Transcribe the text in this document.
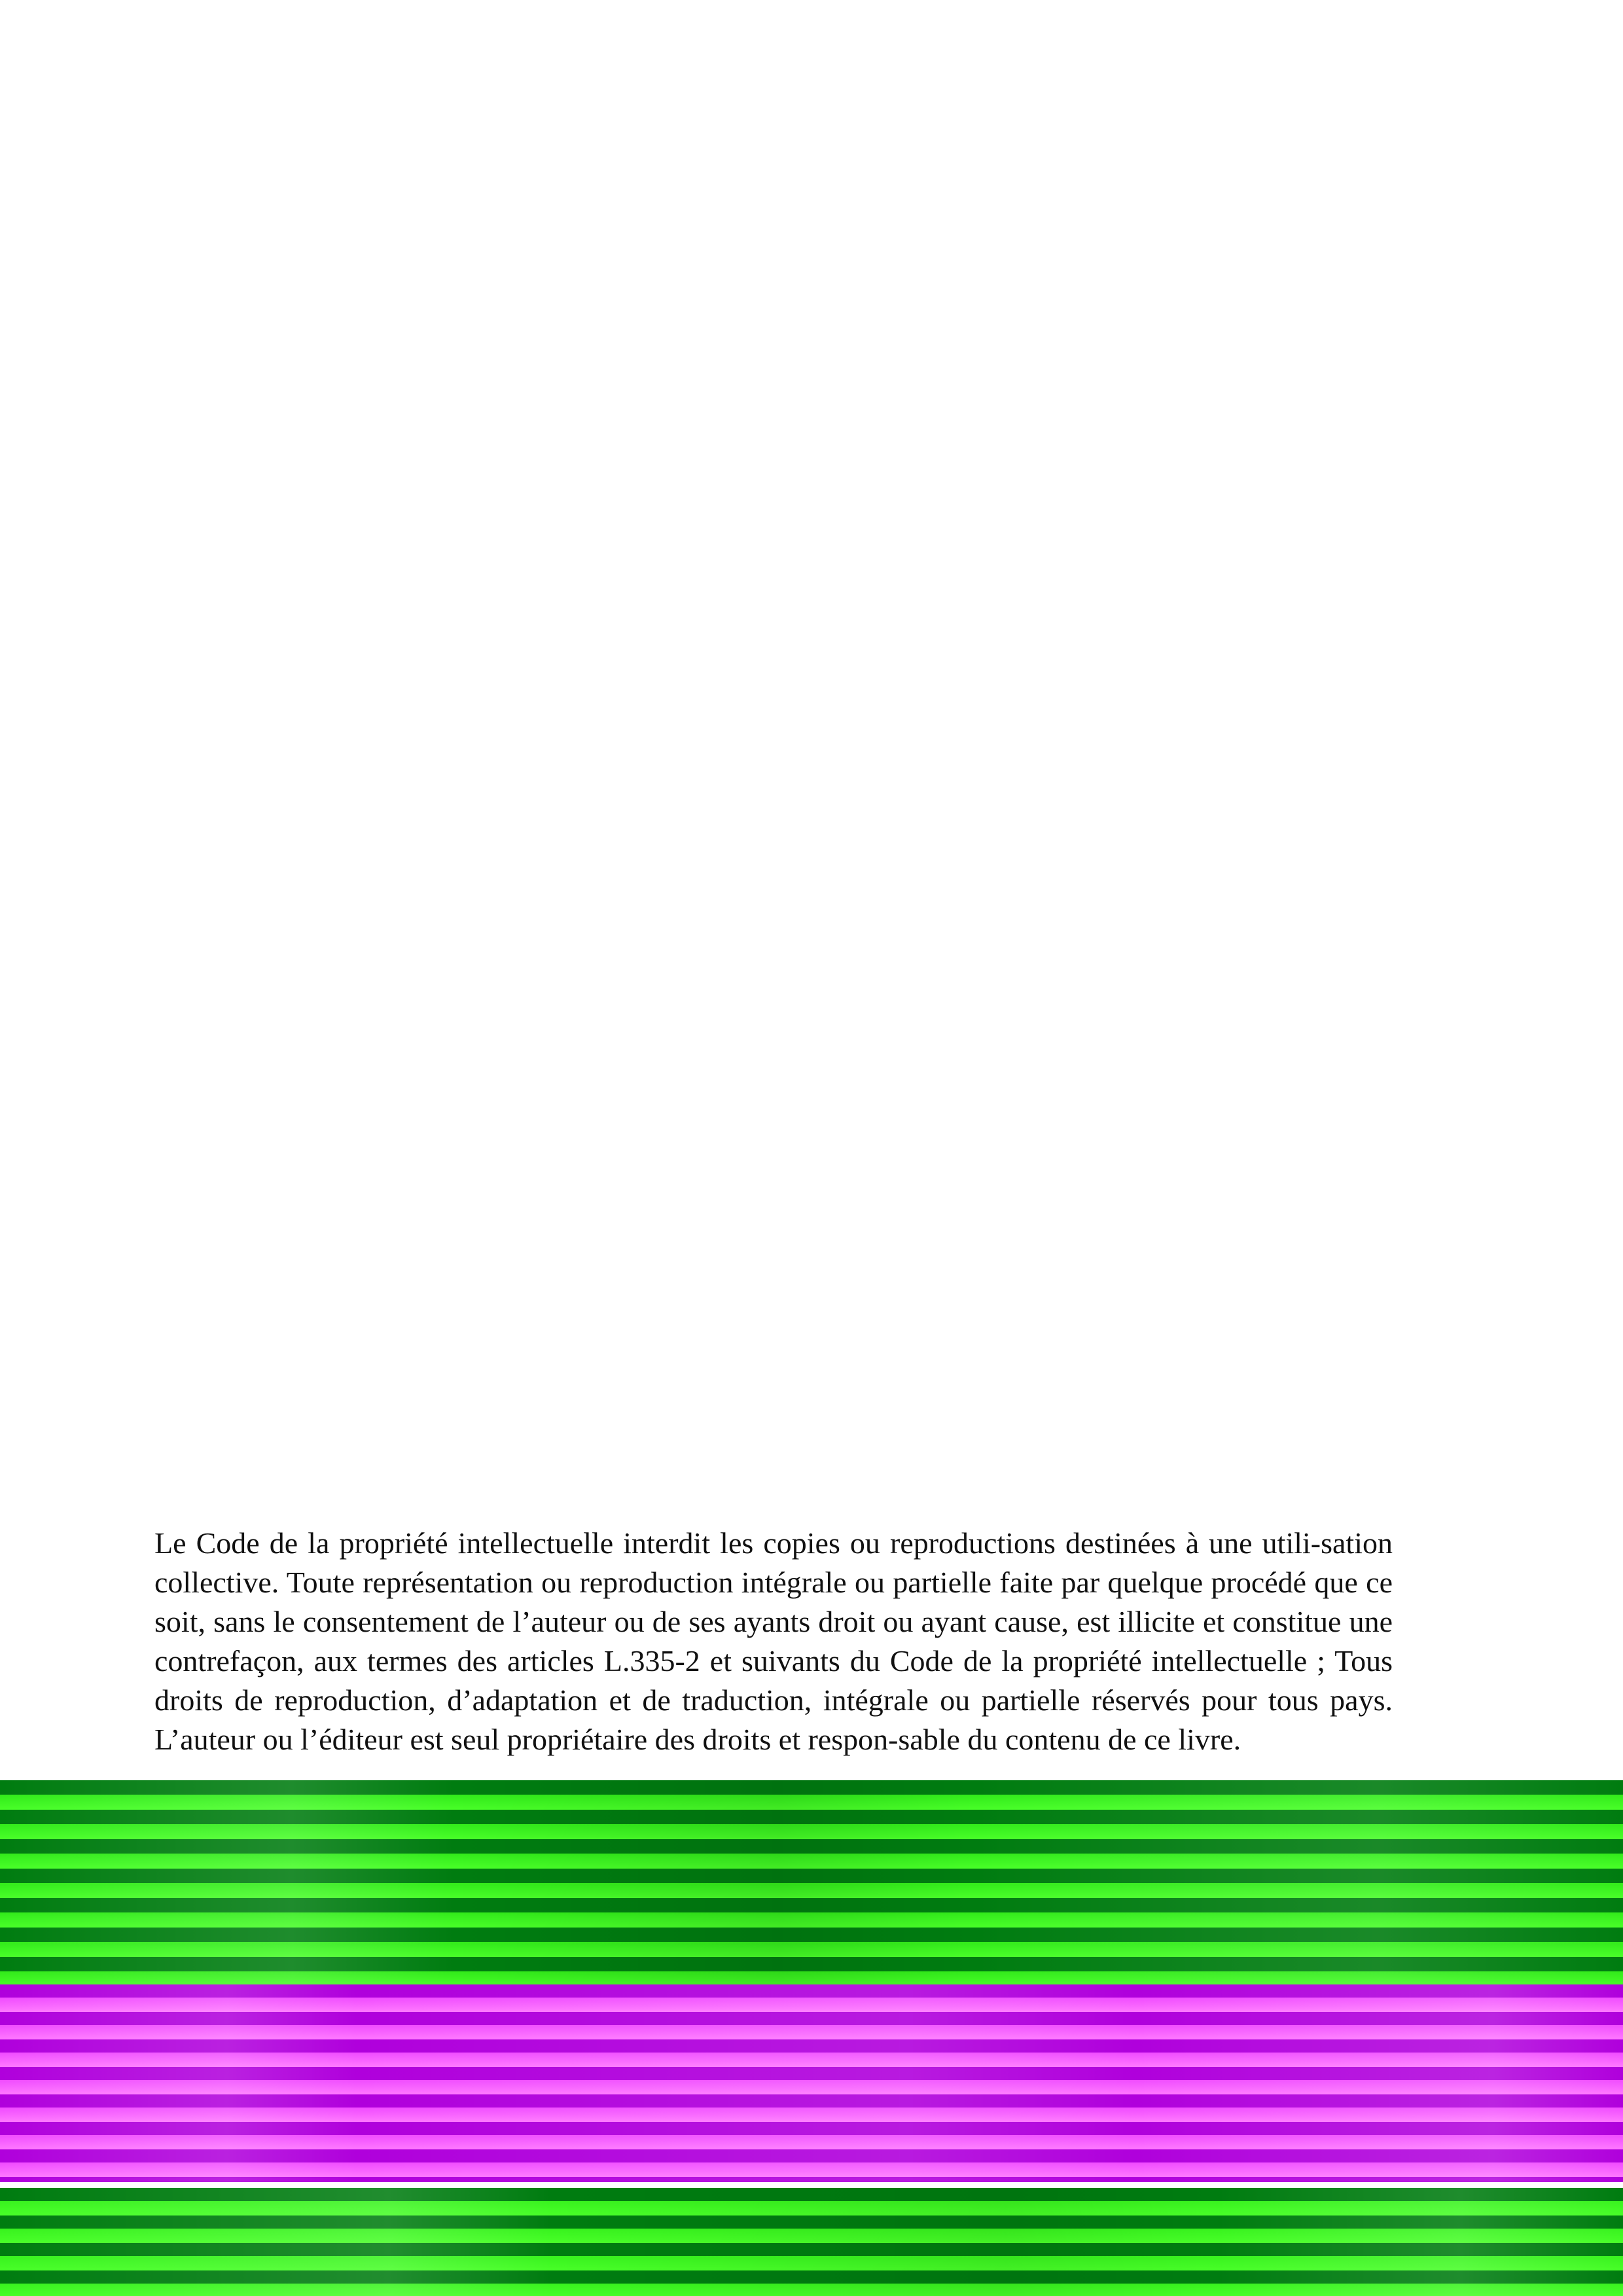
Le Code de la propriété intellectuelle interdit les copies ou reproductions destinées à une utili-sation collective. Toute représentation ou reproduction intégrale ou partielle faite par quelque procédé que ce soit, sans le consentement de l’auteur ou de ses ayants droit ou ayant cause, est illicite et constitue une contrefaçon, aux termes des articles L.335-2 et suivants du Code de la propriété intellectuelle ; Tous droits de reproduction, d’adaptation et de traduction, intégrale ou partielle réservés pour tous pays. L’auteur ou l’éditeur est seul propriétaire des droits et respon-sable du contenu de ce livre.
